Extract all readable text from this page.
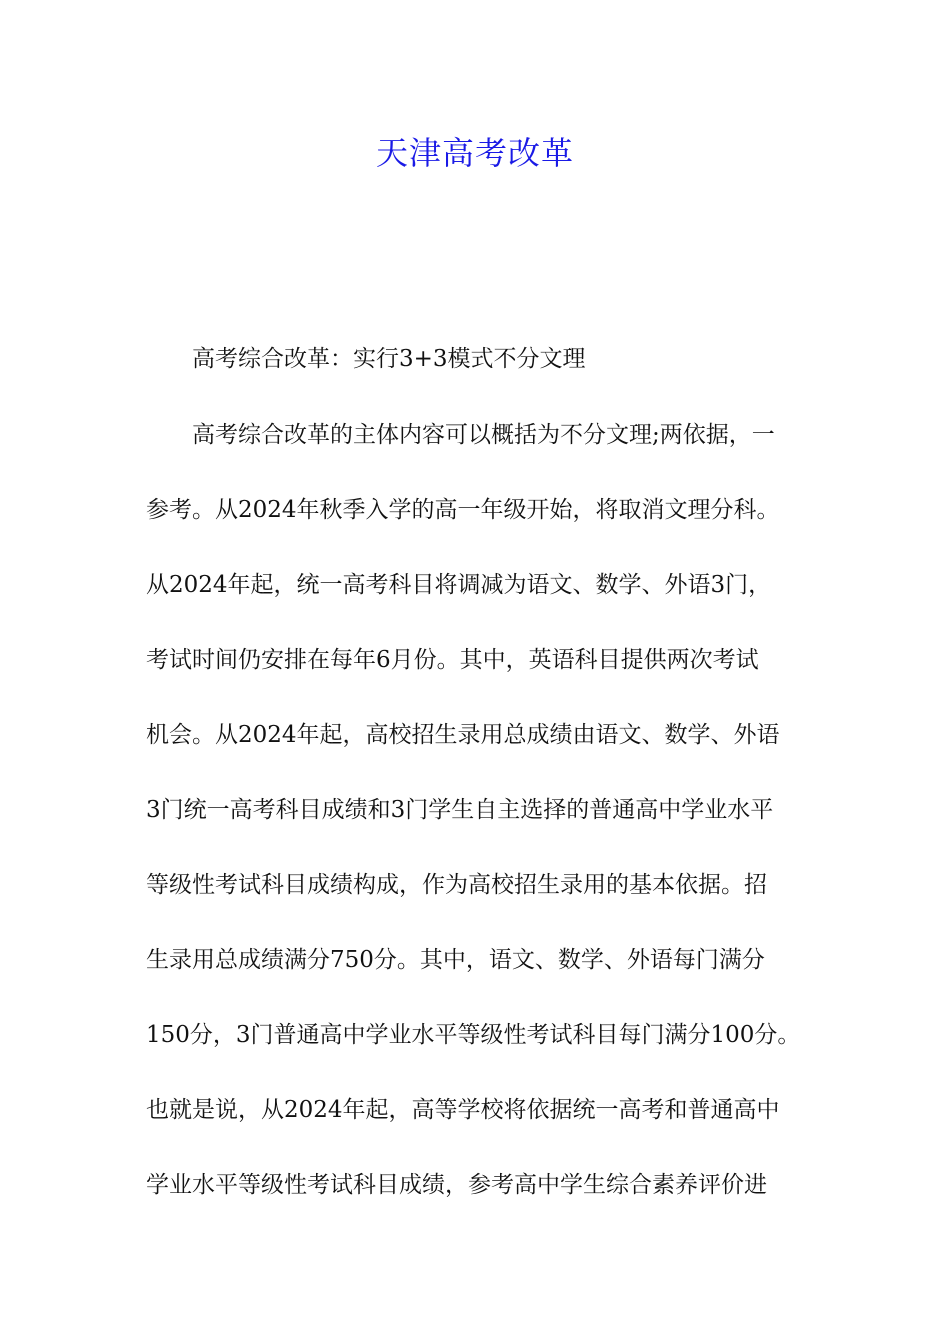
天津高考改革
高考综合改革：实行3+3模式不分文理
高考综合改革的主体内容可以概括为不分文理;两依据，一
参考。从2024年秋季入学的高一年级开始，将取消文理分科。
从2024年起，统一高考科目将调减为语文、数学、外语3门，
考试时间仍安排在每年6月份。其中，英语科目提供两次考试
机会。从2024年起，高校招生录用总成绩由语文、数学、外语
3门统一高考科目成绩和3门学生自主选择的普通高中学业水平
等级性考试科目成绩构成，作为高校招生录用的基本依据。招
生录用总成绩满分750分。其中，语文、数学、外语每门满分
150分，3门普通高中学业水平等级性考试科目每门满分100分。
也就是说，从2024年起，高等学校将依据统一高考和普通高中
学业水平等级性考试科目成绩，参考高中学生综合素养评价进
